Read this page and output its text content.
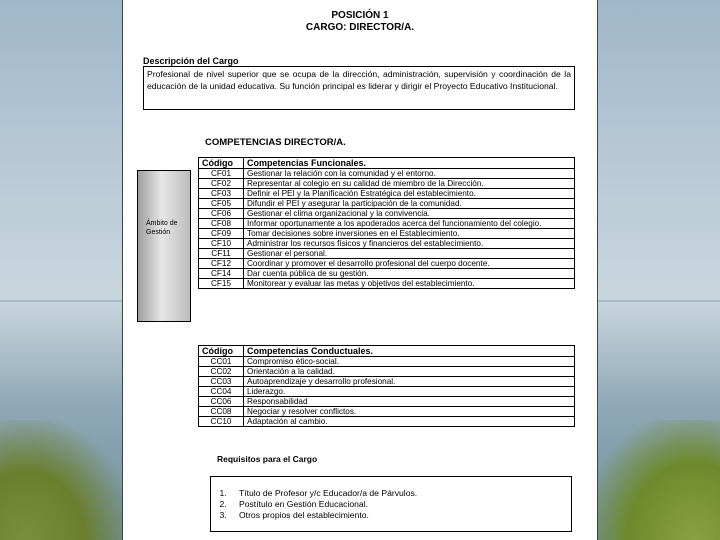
POSICIÓN 1
CARGO: DIRECTOR/A.
Descripción del Cargo
Profesional de nivel superior que se ocupa de la dirección, administración, supervisión y coordinación de la educación de la unidad educativa. Su función principal es liderar y dirigir el Proyecto Educativo Institucional.
COMPETENCIAS DIRECTOR/A.
Ámbito de Gestión
Código	Competencias Funcionales.
CF01	Gestionar la relación con la comunidad y el entorno.
CF02	Representar al colegio en su calidad de miembro de la Dirección.
CF03	Definir el PEI y la Planificación Estratégica del establecimiento.
CF05	Difundir el PEI y asegurar la participación de la comunidad.
CF06	Gestionar el clima organizacional y la convivencia.
CF08	Informar oportunamente a los apoderados acerca del funcionamiento del colegio.
CF09	Tomar decisiones sobre inversiones en el Establecimiento.
CF10	Administrar los recursos físicos y financieros del establecimiento.
CF11	Gestionar el personal.
CF12	Coordinar y promover el desarrollo profesional del cuerpo docente.
CF14	Dar cuenta pública de su gestión.
CF15	Monitorear y evaluar las metas y objetivos del establecimiento.
Código	Competencias Conductuales.
CC01	Compromiso ético-social.
CC02	Orientación a la calidad.
CC03	Autoaprendizaje y desarrollo profesional.
CC04	Liderazgo.
CC06	Responsabilidad
CC08	Negociar y resolver conflictos.
CC10	Adaptación al cambio.
Requisitos para el Cargo
1. Título de Profesor y/c Educador/a de Párvulos.
2. Postítulo en Gestión Educacional.
3. Otros propios del establecimiento.
